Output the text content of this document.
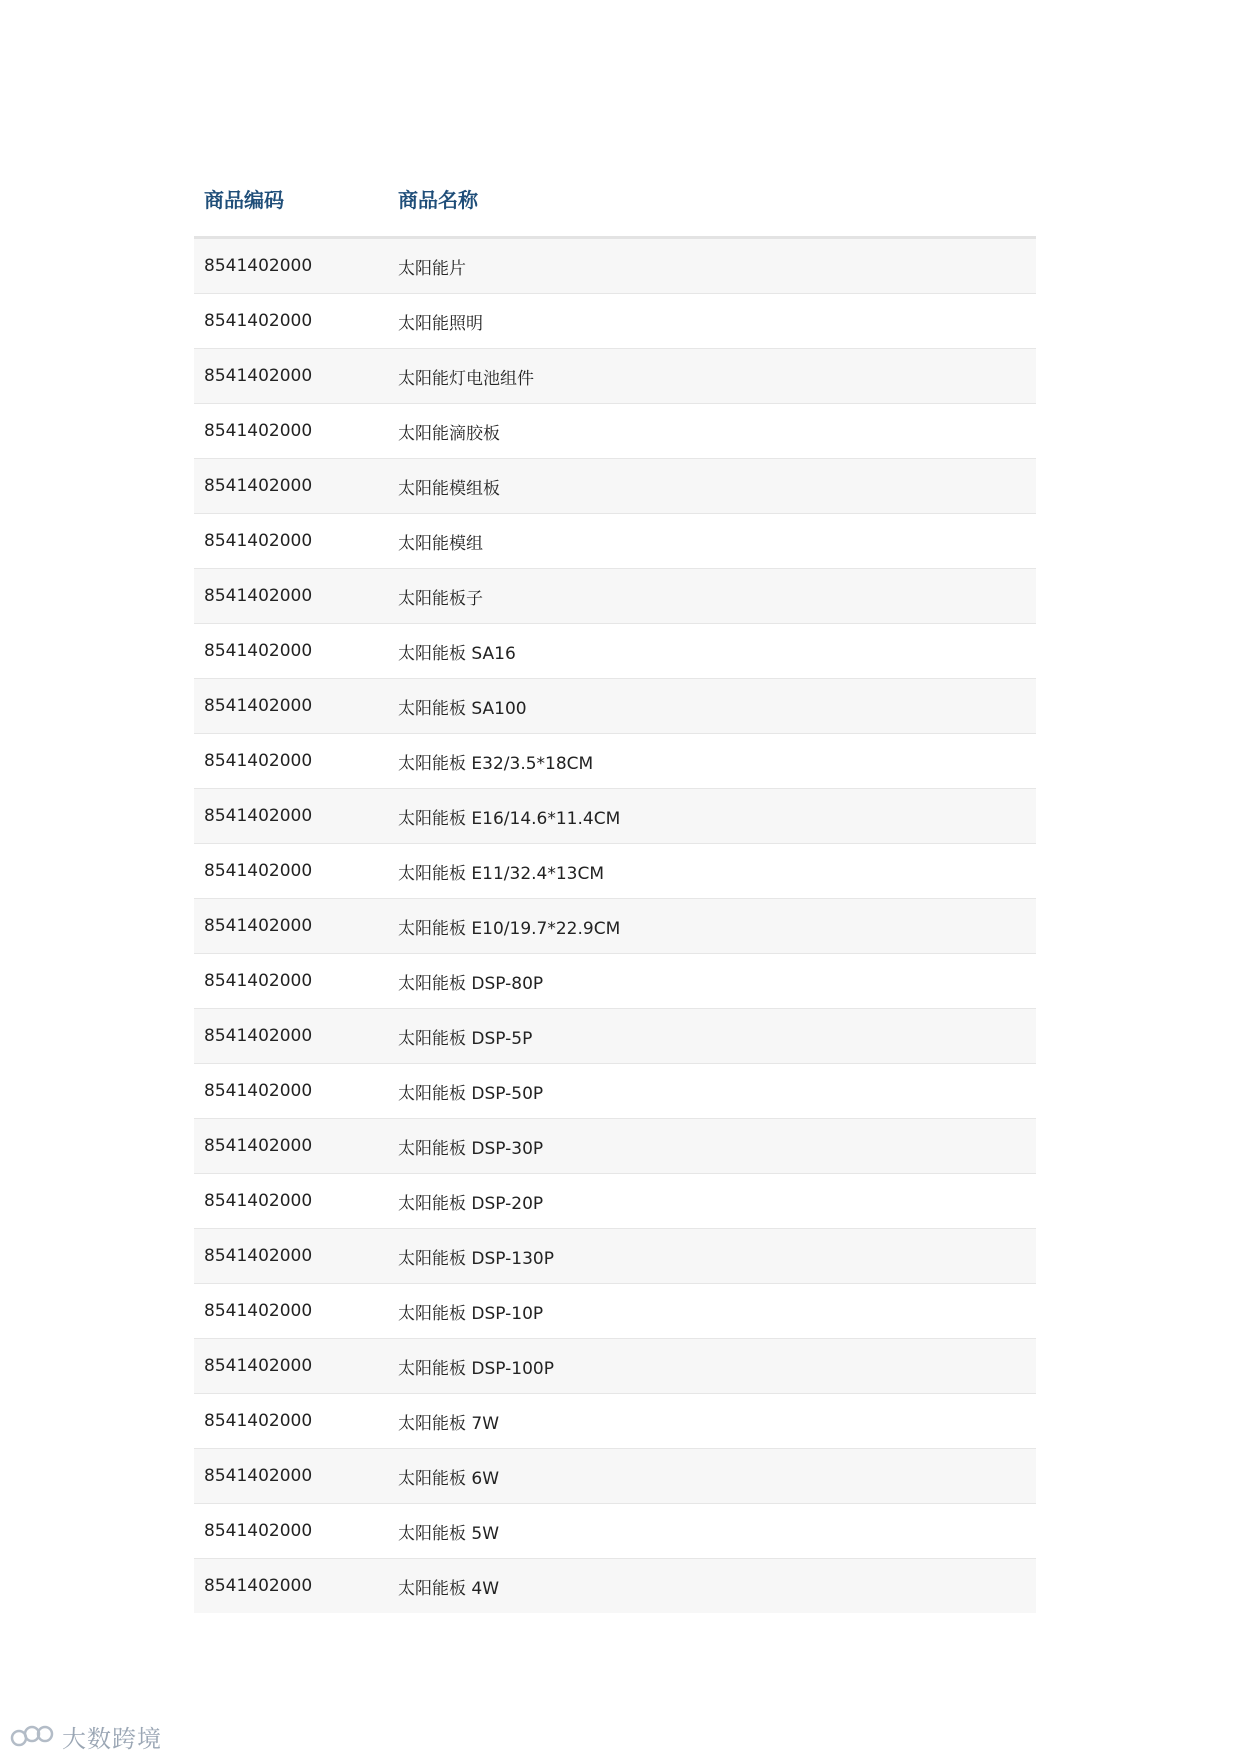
商品编码	商品名称
8541402000	太阳能片
8541402000	太阳能照明
8541402000	太阳能灯电池组件
8541402000	太阳能滴胶板
8541402000	太阳能模组板
8541402000	太阳能模组
8541402000	太阳能板子
8541402000	太阳能板 SA16
8541402000	太阳能板 SA100
8541402000	太阳能板 E32/3.5*18CM
8541402000	太阳能板 E16/14.6*11.4CM
8541402000	太阳能板 E11/32.4*13CM
8541402000	太阳能板 E10/19.7*22.9CM
8541402000	太阳能板 DSP-80P
8541402000	太阳能板 DSP-5P
8541402000	太阳能板 DSP-50P
8541402000	太阳能板 DSP-30P
8541402000	太阳能板 DSP-20P
8541402000	太阳能板 DSP-130P
8541402000	太阳能板 DSP-10P
8541402000	太阳能板 DSP-100P
8541402000	太阳能板 7W
8541402000	太阳能板 6W
8541402000	太阳能板 5W
8541402000	太阳能板 4W
大数跨境
